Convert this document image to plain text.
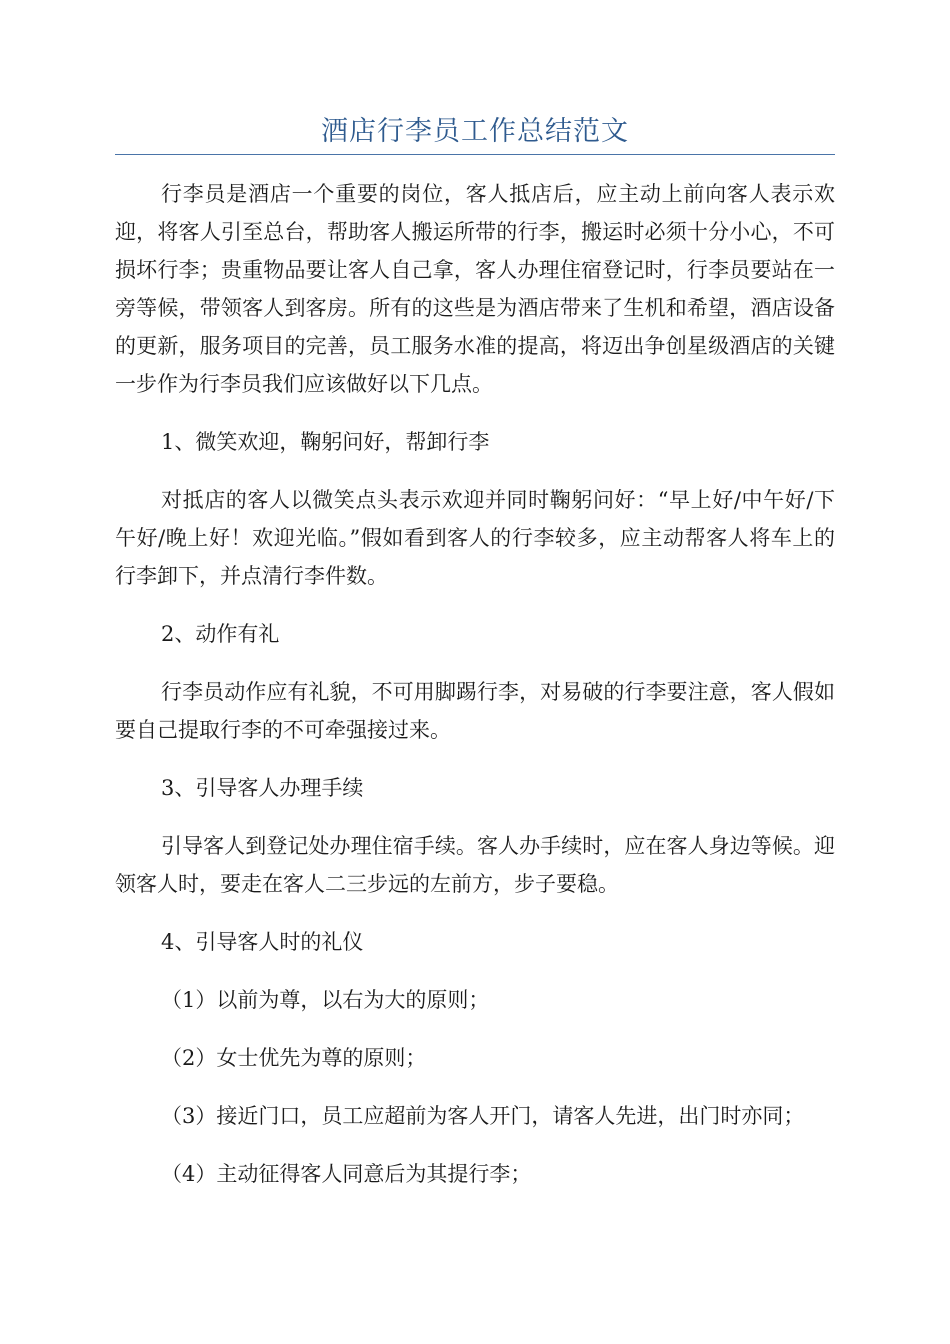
酒店行李员工作总结范文

行李员是酒店一个重要的岗位，客人抵店后，应主动上前向客人表示欢迎，将客人引至总台，帮助客人搬运所带的行李，搬运时必须十分小心，不可损坏行李；贵重物品要让客人自己拿，客人办理住宿登记时，行李员要站在一旁等候，带领客人到客房。所有的这些是为酒店带来了生机和希望，酒店设备的更新，服务项目的完善，员工服务水准的提高，将迈出争创星级酒店的关键一步作为行李员我们应该做好以下几点。

1、微笑欢迎，鞠躬问好，帮卸行李

对抵店的客人以微笑点头表示欢迎并同时鞠躬问好：“早上好/中午好/下午好/晚上好！欢迎光临。”假如看到客人的行李较多，应主动帮客人将车上的行李卸下，并点清行李件数。

2、动作有礼

行李员动作应有礼貌，不可用脚踢行李，对易破的行李要注意，客人假如要自己提取行李的不可牵强接过来。

3、引导客人办理手续

引导客人到登记处办理住宿手续。客人办手续时，应在客人身边等候。迎领客人时，要走在客人二三步远的左前方，步子要稳。

4、引导客人时的礼仪

（1）以前为尊，以右为大的原则；

（2）女士优先为尊的原则；

（3）接近门口，员工应超前为客人开门，请客人先进，出门时亦同；

（4）主动征得客人同意后为其提行李；
